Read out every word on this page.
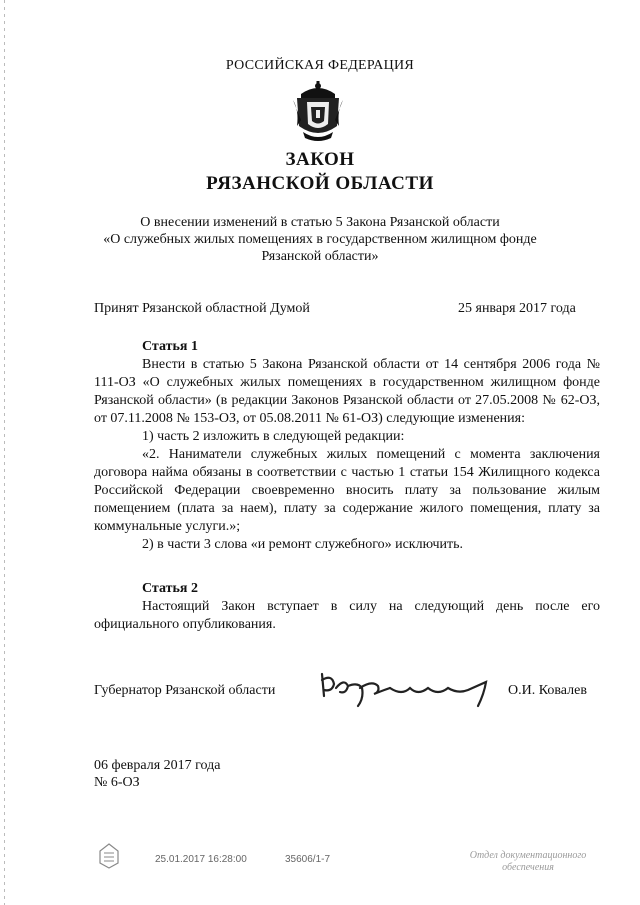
РОССИЙСКАЯ ФЕДЕРАЦИЯ
ЗАКОН
РЯЗАНСКОЙ ОБЛАСТИ
О внесении изменений в статью 5 Закона Рязанской области
«О служебных жилых помещениях в государственном жилищном фонде
Рязанской области»
Принят Рязанской областной Думой	25 января 2017 года
Статья 1

Внести в статью 5 Закона Рязанской области от 14 сентября 2006 года № 111-ОЗ «О служебных жилых помещениях в государственном жилищном фонде Рязанской области» (в редакции Законов Рязанской области от 27.05.2008 № 62-ОЗ, от 07.11.2008 № 153-ОЗ, от 05.08.2011 № 61-ОЗ) следующие изменения:

1) часть 2 изложить в следующей редакции:

«2. Наниматели служебных жилых помещений с момента заключения договора найма обязаны в соответствии с частью 1 статьи 154 Жилищного кодекса Российской Федерации своевременно вносить плату за пользование жилым помещением (плата за наем), плату за содержание жилого помещения, плату за коммунальные услуги.»;

2) в части 3 слова «и ремонт служебного» исключить.

Статья 2

Настоящий Закон вступает в силу на следующий день после его официального опубликования.

Губернатор Рязанской области	О.И. Ковалев
06 февраля 2017 года
№ 6-ОЗ
25.01.2017 16:28:00	35606/1-7	Отдел документационного
обеспечения
